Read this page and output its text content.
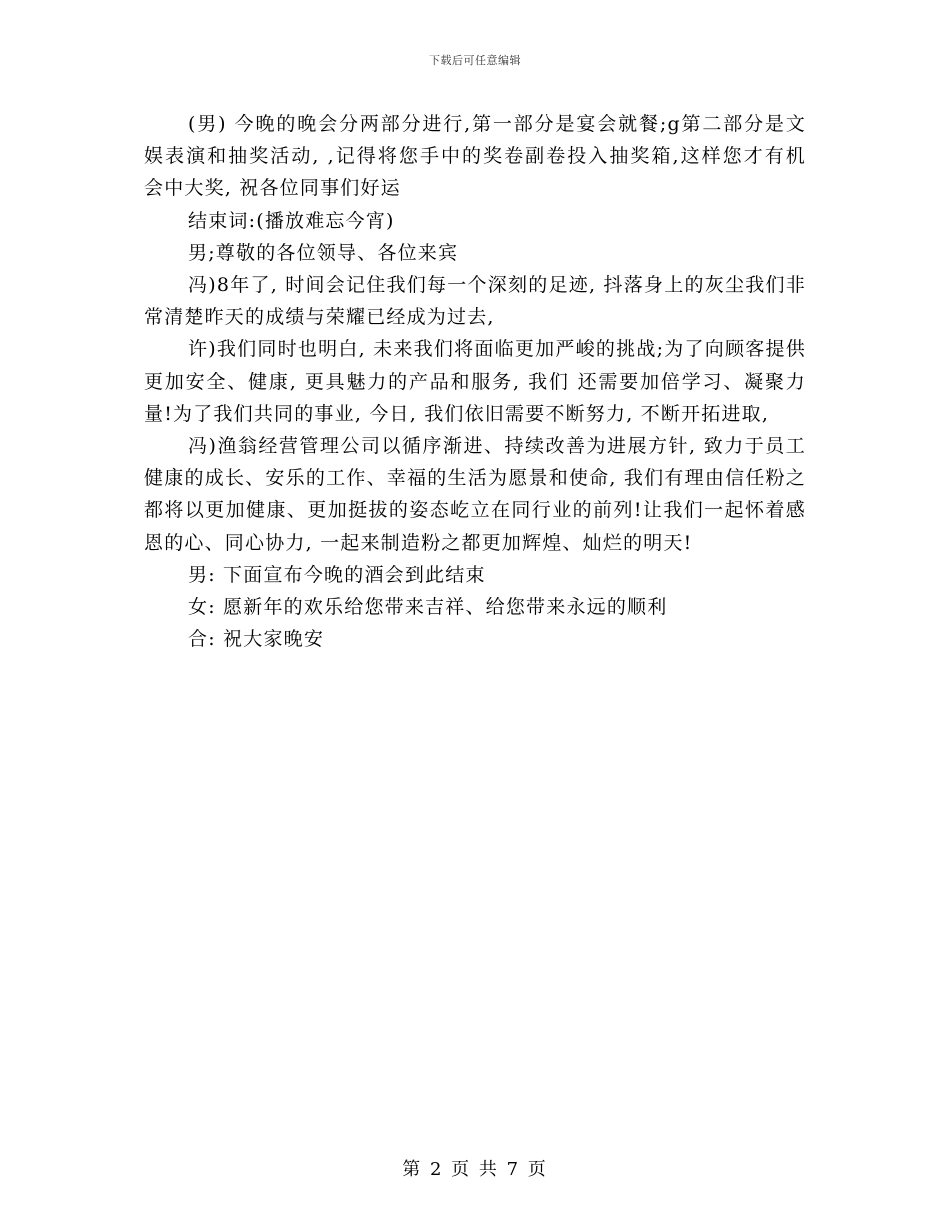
下载后可任意编辑

(男) 今晚的晚会分两部分进行,第一部分是宴会就餐;g第二部分是文娱表演和抽奖活动, ,记得将您手中的奖卷副卷投入抽奖箱,这样您才有机 会中大奖, 祝各位同事们好运

结束词:(播放难忘今宵)

男;尊敬的各位领导、各位来宾

冯)8年了, 时间会记住我们每一个深刻的足迹, 抖落身上的灰尘我们非常清楚昨天的成绩与荣耀已经成为过去,

许)我们同时也明白, 未来我们将面临更加严峻的挑战;为了向顾客提供更加安全、健康, 更具魅力的产品和服务, 我们 还需要加倍学习、凝聚力量!为了我们共同的事业, 今日, 我们依旧需要不断努力, 不断开拓进取,

冯)渔翁经营管理公司以循序渐进、持续改善为进展方针, 致力于员工健康的成长、安乐的工作、幸福的生活为愿景和使命, 我们有理由信任粉之都将以更加健康、更加挺拔的姿态屹立在同行业的前列!让我们一起怀着感恩的心、同心协力, 一起来制造粉之都更加辉煌、灿烂的明天!

男: 下面宣布今晚的酒会到此结束

女: 愿新年的欢乐给您带来吉祥、给您带来永远的顺利

合: 祝大家晚安

第 2 页 共 7 页
